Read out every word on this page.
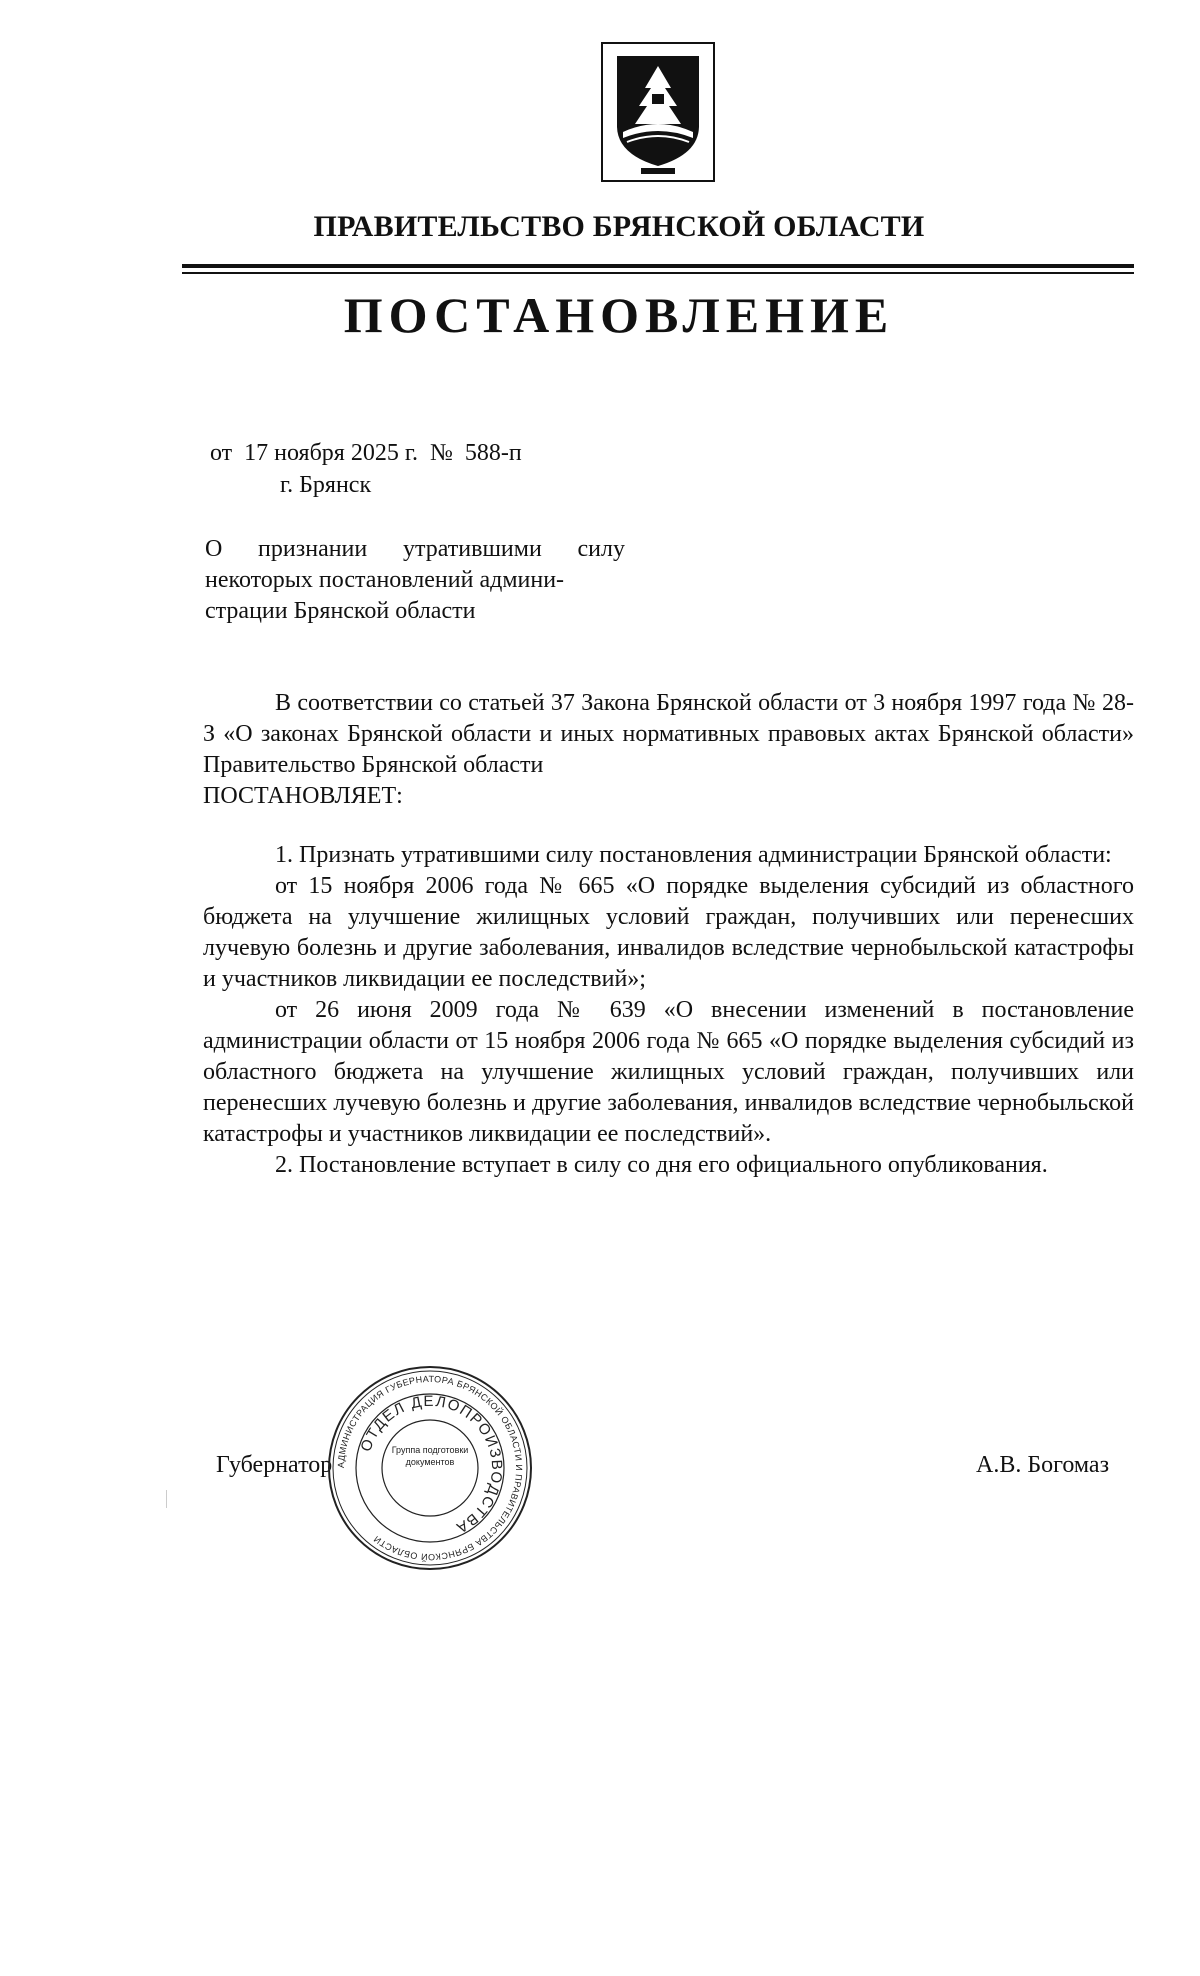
ПРАВИТЕЛЬСТВО БРЯНСКОЙ ОБЛАСТИ
ПОСТАНОВЛЕНИЕ
от  17 ноября 2025 г.  №  588-п
г. Брянск
О  признании  утратившими  силу
некоторых постановлений админи-
страции Брянской области

В соответствии со статьей 37 Закона Брянской области от 3 ноября 1997 года № 28-З «О законах Брянской области и иных нормативных правовых актах Брянской области» Правительство Брянской области

ПОСТАНОВЛЯЕТ:

1. Признать утратившими силу постановления администрации Брянской области:

от 15 ноября 2006 года № 665 «О порядке выделения субсидий из областного бюджета на улучшение жилищных условий граждан, получивших или перенесших лучевую болезнь и другие заболевания, инвалидов вследствие чернобыльской катастрофы и участников ликвидации ее последствий»;

от 26 июня 2009 года № 639 «О внесении изменений в постановление администрации области от 15 ноября 2006 года № 665 «О порядке выделения субсидий из областного бюджета на улучшение жилищных условий граждан, получивших или перенесших лучевую болезнь и другие заболевания, инвалидов вследствие чернобыльской катастрофы и участников ликвидации ее последствий».

2. Постановление вступает в силу со дня его официального опубликования.

Губернатор	А.В. Богомаз
АДМИНИСТРАЦИЯ ГУБЕРНАТОРА БРЯНСКОЙ ОБЛАСТИ И ПРАВИТЕЛЬСТВА БРЯНСКОЙ ОБЛАСТИ
ОТДЕЛ ДЕЛОПРОИЗВОДСТВА
Группа подготовки документов
